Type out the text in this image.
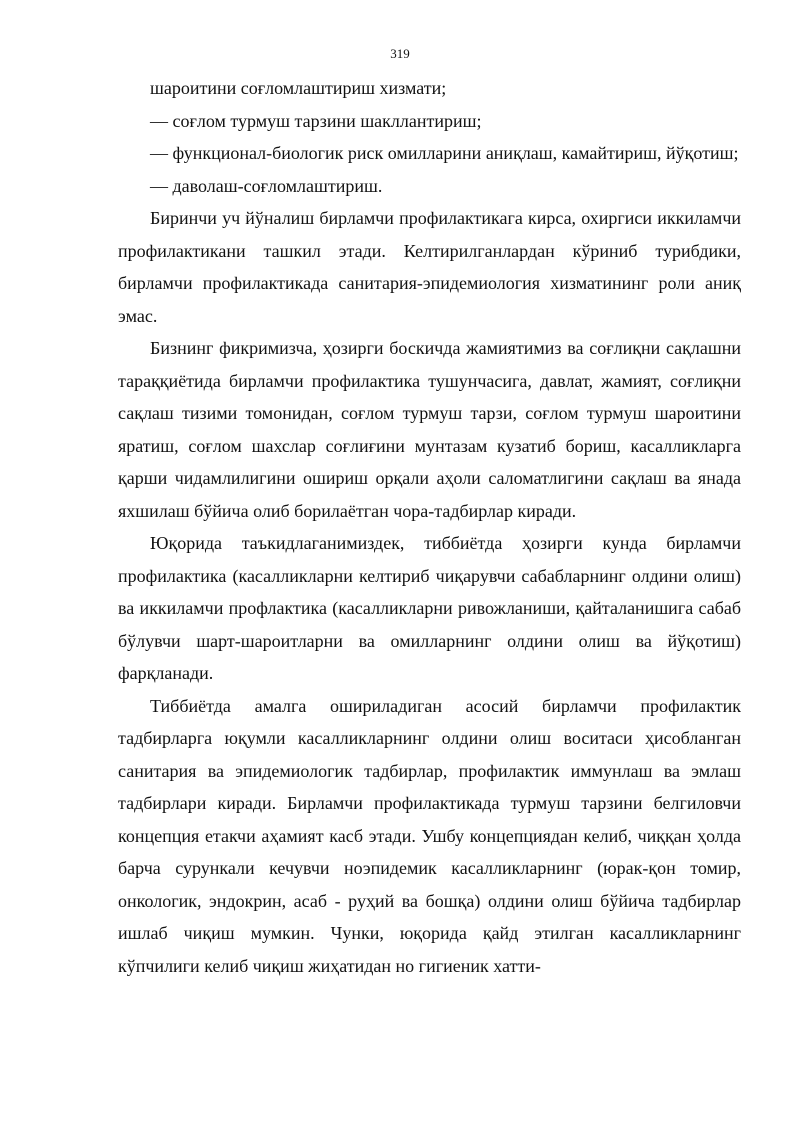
319

шароитини соғломлаштириш хизмати;

— соғлом турмуш тарзини шакллантириш;

— функционал-биологик риск омилларини аниқлаш, камайтириш, йўқотиш;

— даволаш-соғломлаштириш.

Биринчи уч йўналиш бирламчи профилактикага кирса, охиргиси иккиламчи профилактикани ташкил этади. Келтирилганлардан кўриниб турибдики, бирламчи профилактикада санитария-эпидемиология хизматининг роли аниқ эмас.

Бизнинг фикримизча, ҳозирги боскичда жамиятимиз ва соғлиқни сақлашни тараққиётида бирламчи профилактика тушунчасига, давлат, жамият, соғлиқни сақлаш тизими томонидан, соғлом турмуш тарзи, соғлом турмуш шароитини яратиш, соғлом шахслар соғлиғини мунтазам кузатиб бориш, касалликларга қарши чидамлилигини ошириш орқали аҳоли саломатлигини сақлаш ва янада яхшилаш бўйича олиб борилаётган чора-тадбирлар киради.

Юқорида таъкидлаганимиздек, тиббиётда ҳозирги кунда бирламчи профилактика (касалликларни келтириб чиқарувчи сабабларнинг олдини олиш) ва иккиламчи профлактика (касалликларни ривожланиши, қайталанишига сабаб бўлувчи шарт-шароитларни ва омилларнинг олдини олиш ва йўқотиш) фарқланади.

Тиббиётда амалга ошириладиган асосий бирламчи профилактик тадбирларга юқумли касалликларнинг олдини олиш воситаси ҳисобланган санитария ва эпидемиологик тадбирлар, профилактик иммунлаш ва эмлаш тадбирлари киради. Бирламчи профилактикада турмуш тарзини белгиловчи концепция етакчи аҳамият касб этади. Ушбу концепциядан келиб, чиққан ҳолда барча сурункали кечувчи ноэпидемик касалликларнинг (юрак-қон томир, онкологик, эндокрин, асаб - руҳий ва бошқа) олдини олиш бўйича тадбирлар ишлаб чиқиш мумкин. Чунки, юқорида қайд этилган касалликларнинг кўпчилиги келиб чиқиш жиҳатидан но гигиеник хатти-
